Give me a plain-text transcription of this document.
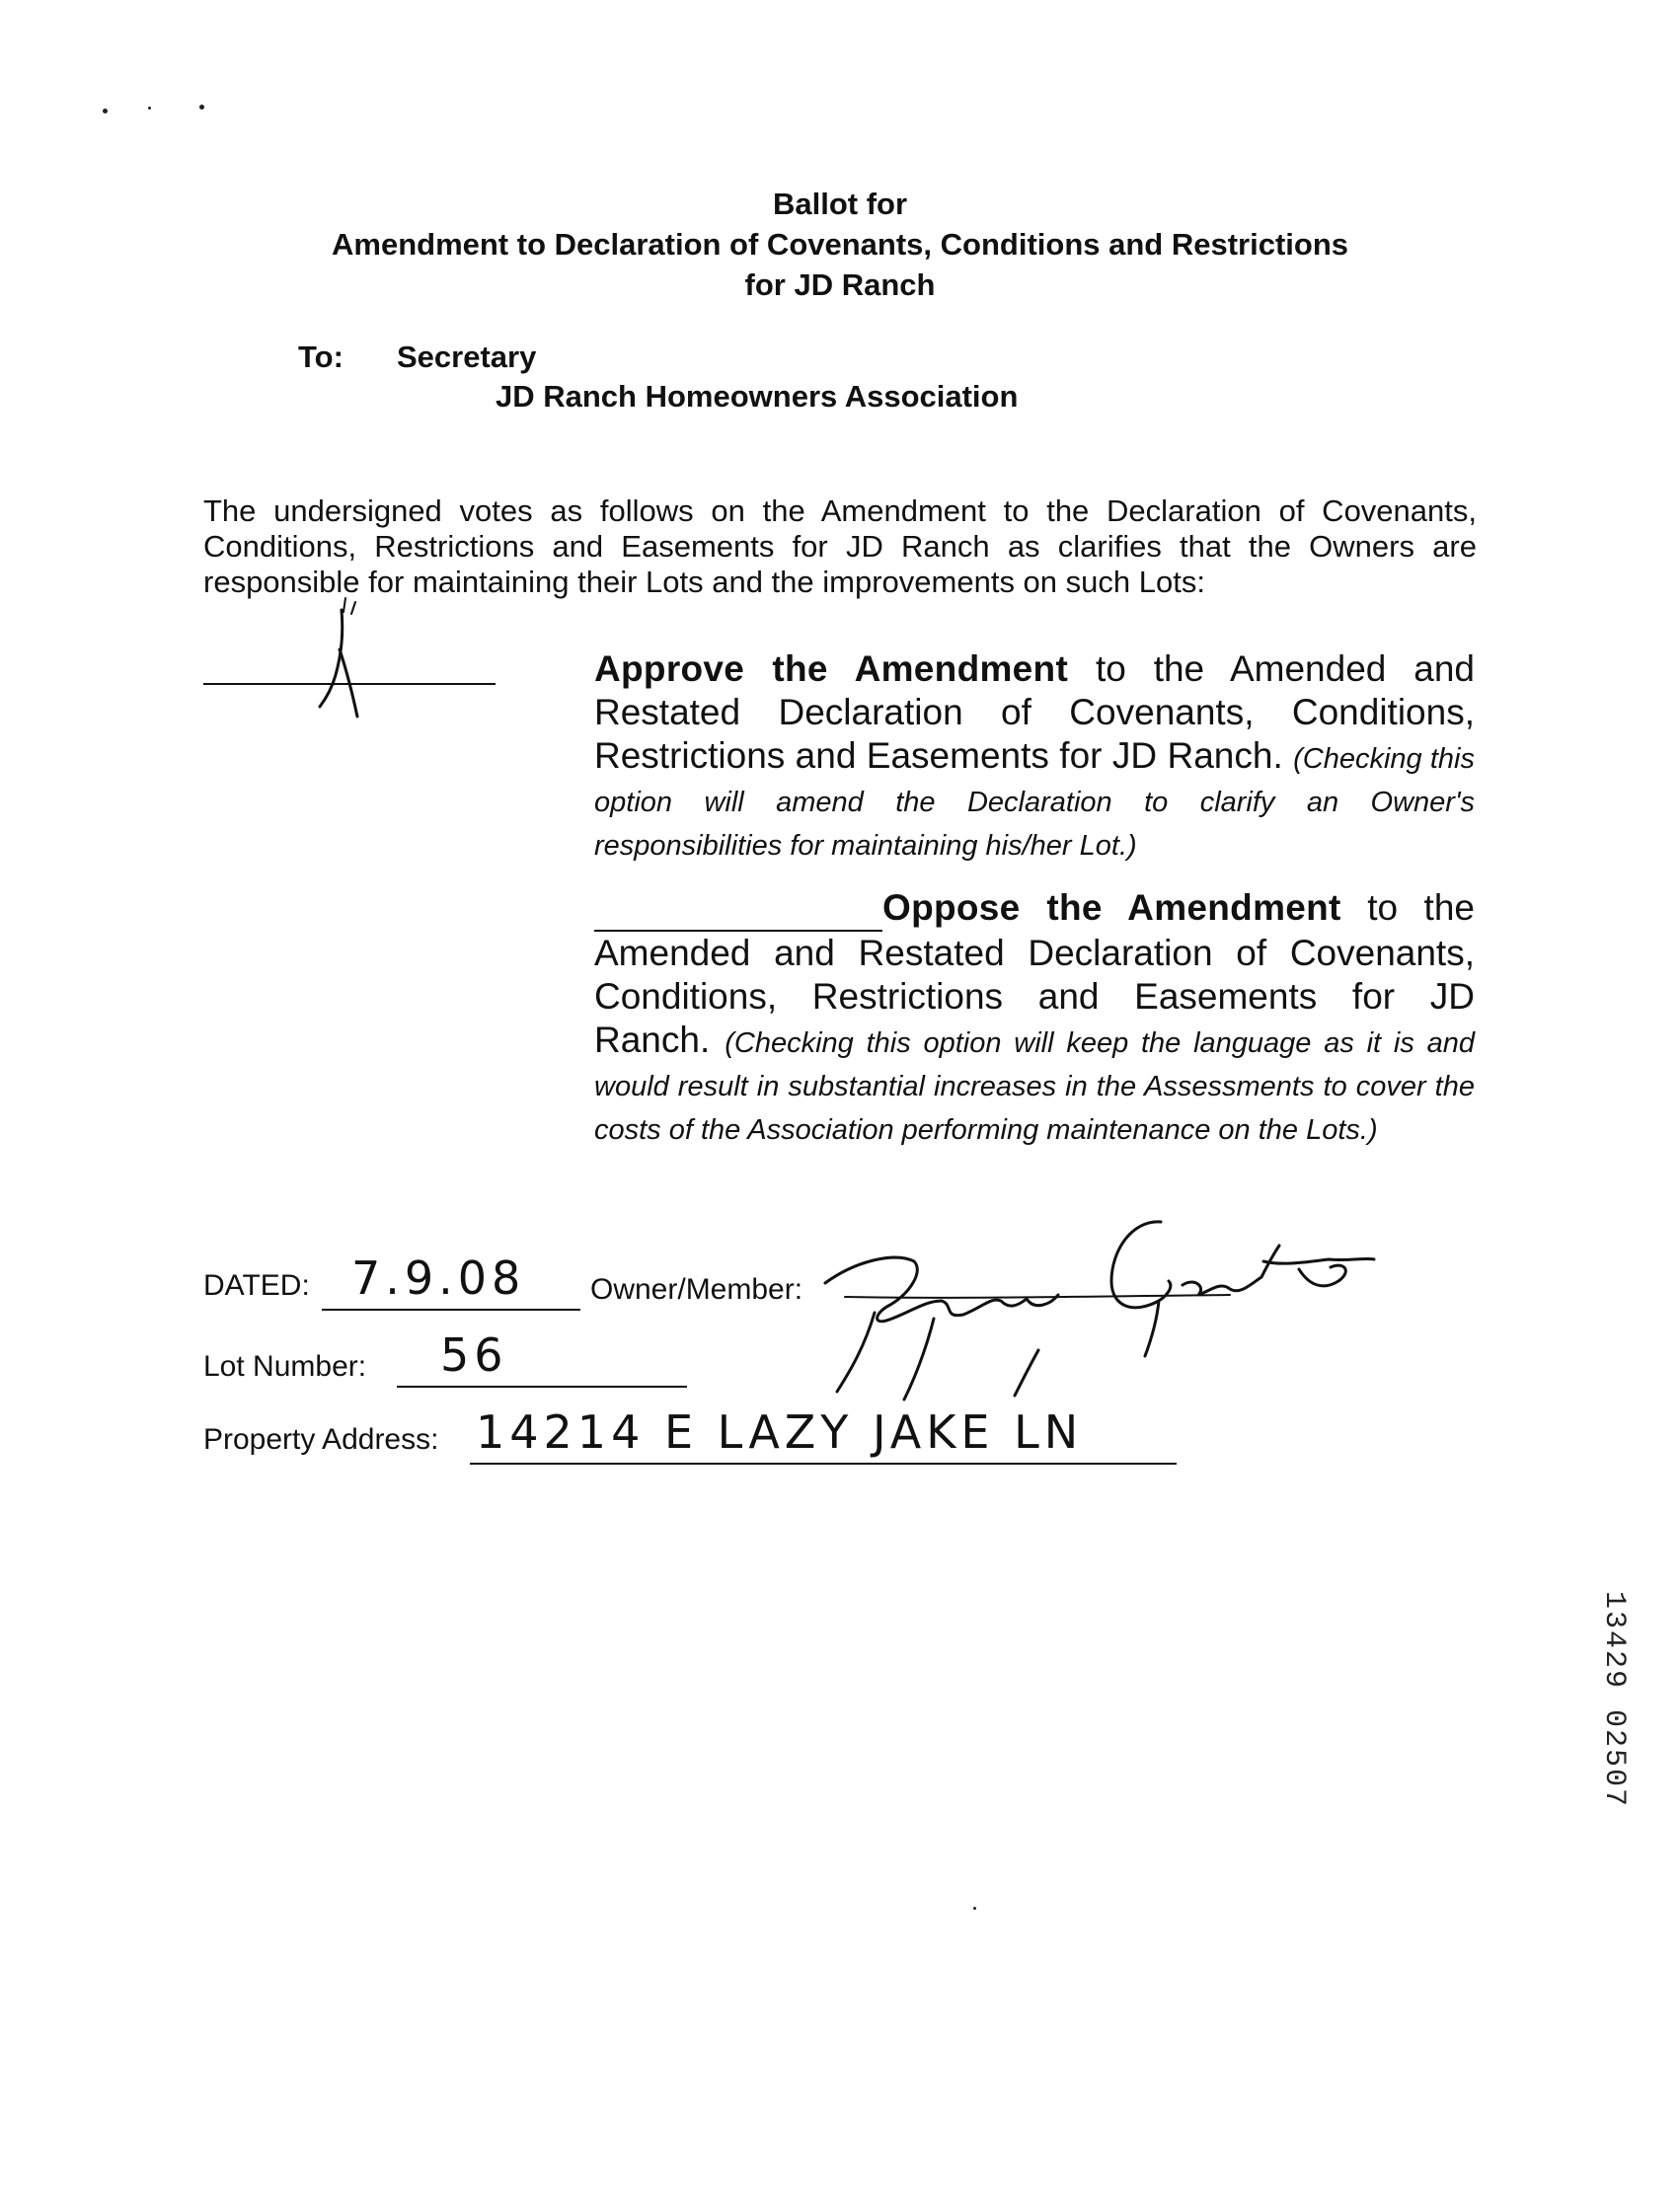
Ballot for
Amendment to Declaration of Covenants, Conditions and Restrictions
for JD Ranch
To: Secretary
JD Ranch Homeowners Association
The undersigned votes as follows on the Amendment to the Declaration of Covenants, Conditions, Restrictions and Easements for JD Ranch as clarifies that the Owners are responsible for maintaining their Lots and the improvements on such Lots:
Approve the Amendment to the Amended and Restated Declaration of Covenants, Conditions, Restrictions and Easements for JD Ranch. (Checking this option will amend the Declaration to clarify an Owner's responsibilities for maintaining his/her Lot.)
Oppose the Amendment to the Amended and Restated Declaration of Covenants, Conditions, Restrictions and Easements for JD Ranch. (Checking this option will keep the language as it is and would result in substantial increases in the Assessments to cover the costs of the Association performing maintenance on the Lots.)
DATED: 7.9.08 Owner/Member:
Lot Number: 56
Property Address: 14214 E LAZY JAKE LN
13429 02507
